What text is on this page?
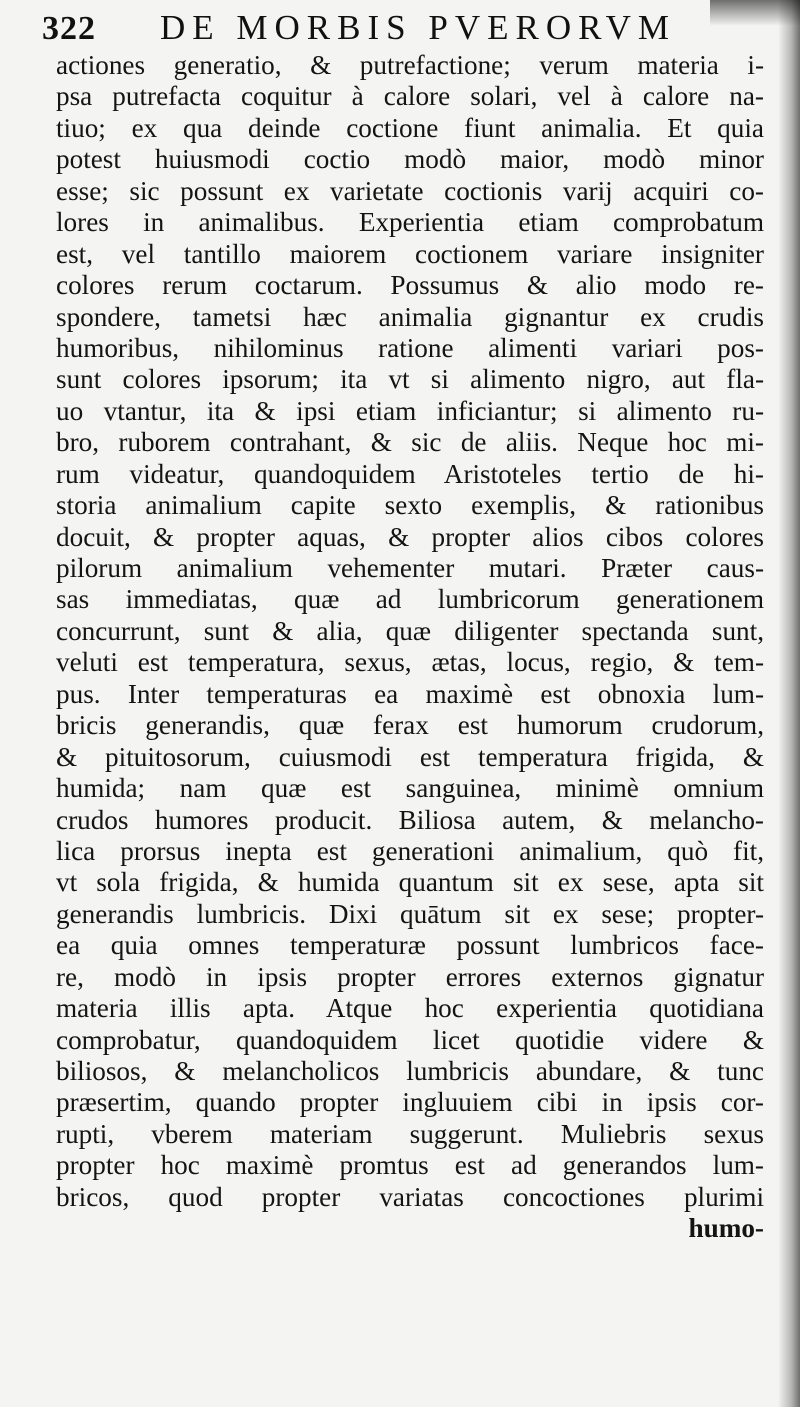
322 DE MORBIS PVERORVM
actiones generatio, & putrefactione; verum materia i-
psa putrefacta coquitur à calore solari, vel à calore na-
tiuo; ex qua deinde coctione fiunt animalia. Et quia
potest huiusmodi coctio modò maior, modò minor
esse; sic possunt ex varietate coctionis varij acquiri co-
lores in animalibus. Experientia etiam comprobatum
est, vel tantillo maiorem coctionem variare insigniter
colores rerum coctarum. Possumus & alio modo re-
spondere, tametsi hæc animalia gignantur ex crudis
humoribus, nihilominus ratione alimenti variari pos-
sunt colores ipsorum; ita vt si alimento nigro, aut fla-
uo vtantur, ita & ipsi etiam inficiantur; si alimento ru-
bro, ruborem contrahant, & sic de aliis. Neque hoc mi-
rum videatur, quandoquidem Aristoteles tertio de hi-
storia animalium capite sexto exemplis, & rationibus
docuit, & propter aquas, & propter alios cibos colores
pilorum animalium vehementer mutari. Præter caus-
sas immediatas, quæ ad lumbricorum generationem
concurrunt, sunt & alia, quæ diligenter spectanda sunt,
veluti est temperatura, sexus, ætas, locus, regio, & tem-
pus. Inter temperaturas ea maximè est obnoxia lum-
bricis generandis, quæ ferax est humorum crudorum,
& pituitosorum, cuiusmodi est temperatura frigida, &
humida; nam quæ est sanguinea, minimè omnium
crudos humores producit. Biliosa autem, & melancho-
lica prorsus inepta est generationi animalium, quò fit,
vt sola frigida, & humida quantum sit ex sese, apta sit
generandis lumbricis. Dixi quātum sit ex sese; propter-
ea quia omnes temperaturæ possunt lumbricos face-
re, modò in ipsis propter errores externos gignatur
materia illis apta. Atque hoc experientia quotidiana
comprobatur, quandoquidem licet quotidie videre &
biliosos, & melancholicos lumbricis abundare, & tunc
præsertim, quando propter ingluuiem cibi in ipsis cor-
rupti, vberem materiam suggerunt. Muliebris sexus
propter hoc maximè promtus est ad generandos lum-
bricos, quod propter variatas concoctiones plurimi
humo-
